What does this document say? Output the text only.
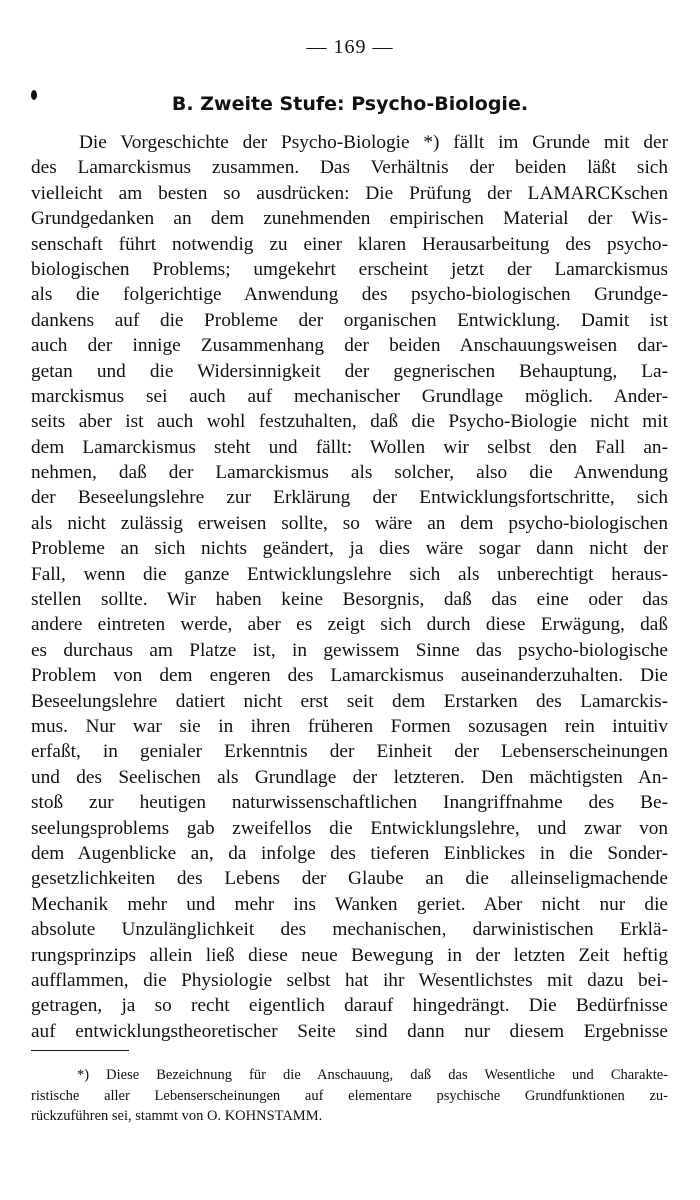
— 169 —
B. Zweite Stufe: Psycho-Biologie.
Die Vorgeschichte der Psycho-Biologie *) fällt im Grunde mit der
des Lamarckismus zusammen. Das Verhältnis der beiden läßt sich
vielleicht am besten so ausdrücken: Die Prüfung der LAMARCKschen
Grundgedanken an dem zunehmenden empirischen Material der Wis-
senschaft führt notwendig zu einer klaren Herausarbeitung des psycho-
biologischen Problems; umgekehrt erscheint jetzt der Lamarckismus
als die folgerichtige Anwendung des psycho-biologischen Grundge-
dankens auf die Probleme der organischen Entwicklung. Damit ist
auch der innige Zusammenhang der beiden Anschauungsweisen dar-
getan und die Widersinnigkeit der gegnerischen Behauptung, La-
marckismus sei auch auf mechanischer Grundlage möglich. Ander-
seits aber ist auch wohl festzuhalten, daß die Psycho-Biologie nicht mit
dem Lamarckismus steht und fällt: Wollen wir selbst den Fall an-
nehmen, daß der Lamarckismus als solcher, also die Anwendung
der Beseelungslehre zur Erklärung der Entwicklungsfortschritte, sich
als nicht zulässig erweisen sollte, so wäre an dem psycho-biologischen
Probleme an sich nichts geändert, ja dies wäre sogar dann nicht der
Fall, wenn die ganze Entwicklungslehre sich als unberechtigt heraus-
stellen sollte. Wir haben keine Besorgnis, daß das eine oder das
andere eintreten werde, aber es zeigt sich durch diese Erwägung, daß
es durchaus am Platze ist, in gewissem Sinne das psycho-biologische
Problem von dem engeren des Lamarckismus auseinanderzuhalten. Die
Beseelungslehre datiert nicht erst seit dem Erstarken des Lamarckis-
mus. Nur war sie in ihren früheren Formen sozusagen rein intuitiv
erfaßt, in genialer Erkenntnis der Einheit der Lebenserscheinungen
und des Seelischen als Grundlage der letzteren. Den mächtigsten An-
stoß zur heutigen naturwissenschaftlichen Inangriffnahme des Be-
seelungsproblems gab zweifellos die Entwicklungslehre, und zwar von
dem Augenblicke an, da infolge des tieferen Einblickes in die Sonder-
gesetzlichkeiten des Lebens der Glaube an die alleinseligmachende
Mechanik mehr und mehr ins Wanken geriet. Aber nicht nur die
absolute Unzulänglichkeit des mechanischen, darwinistischen Erklä-
rungsprinzips allein ließ diese neue Bewegung in der letzten Zeit heftig
aufflammen, die Physiologie selbst hat ihr Wesentlichstes mit dazu bei-
getragen, ja so recht eigentlich darauf hingedrängt. Die Bedürfnisse
auf entwicklungstheoretischer Seite sind dann nur diesem Ergebnisse
*) Diese Bezeichnung für die Anschauung, daß das Wesentliche und Charakte-
ristische aller Lebenserscheinungen auf elementare psychische Grundfunktionen zu-
rückzuführen sei, stammt von O. KOHNSTAMM.
